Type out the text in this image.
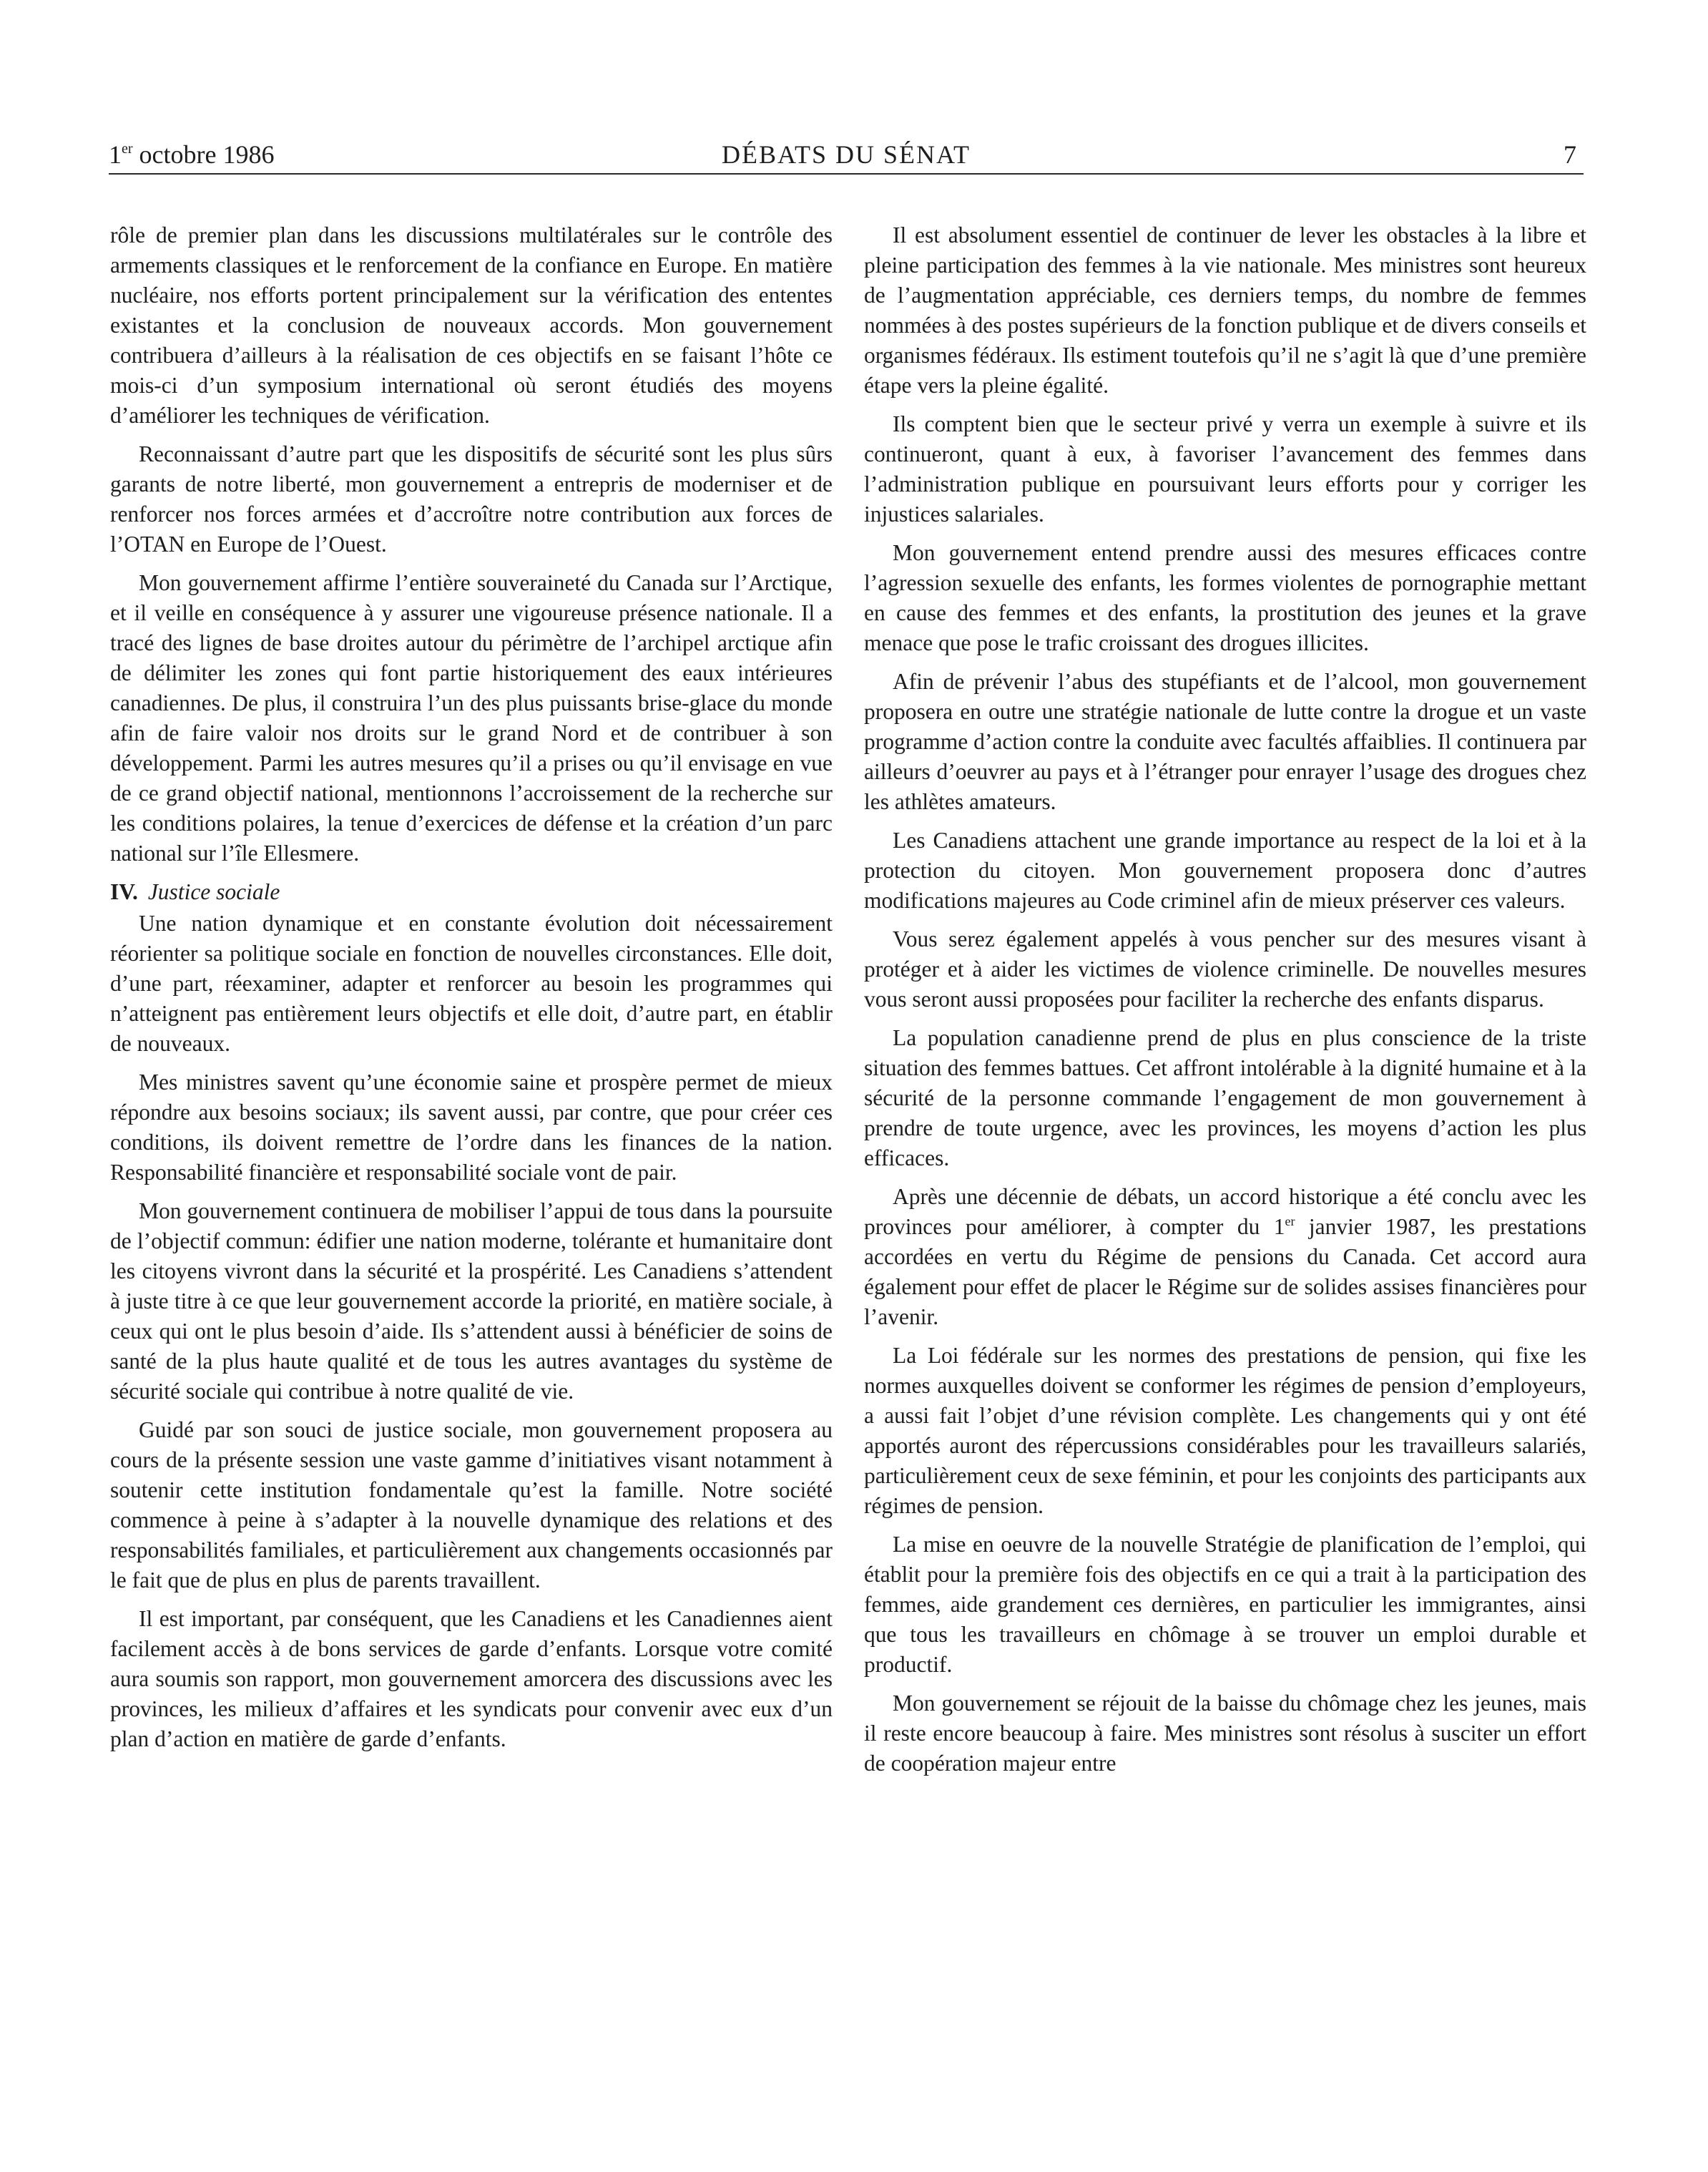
1er octobre 1986	DÉBATS DU SÉNAT	7

rôle de premier plan dans les discussions multilatérales sur le contrôle des armements classiques et le renforcement de la confiance en Europe. En matière nucléaire, nos efforts portent principalement sur la vérification des ententes existantes et la conclusion de nouveaux accords. Mon gouvernement contribuera d’ailleurs à la réalisation de ces objectifs en se faisant l’hôte ce mois-ci d’un symposium international où seront étudiés des moyens d’améliorer les techniques de vérification.

Reconnaissant d’autre part que les dispositifs de sécurité sont les plus sûrs garants de notre liberté, mon gouvernement a entrepris de moderniser et de renforcer nos forces armées et d’accroître notre contribution aux forces de l’OTAN en Europe de l’Ouest.

Mon gouvernement affirme l’entière souveraineté du Canada sur l’Arctique, et il veille en conséquence à y assurer une vigoureuse présence nationale. Il a tracé des lignes de base droites autour du périmètre de l’archipel arctique afin de délimiter les zones qui font partie historiquement des eaux intérieures canadiennes. De plus, il construira l’un des plus puissants brise-glace du monde afin de faire valoir nos droits sur le grand Nord et de contribuer à son développement. Parmi les autres mesures qu’il a prises ou qu’il envisage en vue de ce grand objectif national, mentionnons l’accroissement de la recherche sur les conditions polaires, la tenue d’exercices de défense et la création d’un parc national sur l’île Ellesmere.

IV. Justice sociale

Une nation dynamique et en constante évolution doit nécessairement réorienter sa politique sociale en fonction de nouvelles circonstances. Elle doit, d’une part, réexaminer, adapter et renforcer au besoin les programmes qui n’atteignent pas entièrement leurs objectifs et elle doit, d’autre part, en établir de nouveaux.

Mes ministres savent qu’une économie saine et prospère permet de mieux répondre aux besoins sociaux; ils savent aussi, par contre, que pour créer ces conditions, ils doivent remettre de l’ordre dans les finances de la nation. Responsabilité financière et responsabilité sociale vont de pair.

Mon gouvernement continuera de mobiliser l’appui de tous dans la poursuite de l’objectif commun: édifier une nation moderne, tolérante et humanitaire dont les citoyens vivront dans la sécurité et la prospérité. Les Canadiens s’attendent à juste titre à ce que leur gouvernement accorde la priorité, en matière sociale, à ceux qui ont le plus besoin d’aide. Ils s’attendent aussi à bénéficier de soins de santé de la plus haute qualité et de tous les autres avantages du système de sécurité sociale qui contribue à notre qualité de vie.

Guidé par son souci de justice sociale, mon gouvernement proposera au cours de la présente session une vaste gamme d’initiatives visant notamment à soutenir cette institution fondamentale qu’est la famille. Notre société commence à peine à s’adapter à la nouvelle dynamique des relations et des responsabilités familiales, et particulièrement aux changements occasionnés par le fait que de plus en plus de parents travaillent.

Il est important, par conséquent, que les Canadiens et les Canadiennes aient facilement accès à de bons services de garde d’enfants. Lorsque votre comité aura soumis son rapport, mon gouvernement amorcera des discussions avec les provinces, les milieux d’affaires et les syndicats pour convenir avec eux d’un plan d’action en matière de garde d’enfants.

Il est absolument essentiel de continuer de lever les obstacles à la libre et pleine participation des femmes à la vie nationale. Mes ministres sont heureux de l’augmentation appréciable, ces derniers temps, du nombre de femmes nommées à des postes supérieurs de la fonction publique et de divers conseils et organismes fédéraux. Ils estiment toutefois qu’il ne s’agit là que d’une première étape vers la pleine égalité.

Ils comptent bien que le secteur privé y verra un exemple à suivre et ils continueront, quant à eux, à favoriser l’avancement des femmes dans l’administration publique en poursuivant leurs efforts pour y corriger les injustices salariales.

Mon gouvernement entend prendre aussi des mesures efficaces contre l’agression sexuelle des enfants, les formes violentes de pornographie mettant en cause des femmes et des enfants, la prostitution des jeunes et la grave menace que pose le trafic croissant des drogues illicites.

Afin de prévenir l’abus des stupéfiants et de l’alcool, mon gouvernement proposera en outre une stratégie nationale de lutte contre la drogue et un vaste programme d’action contre la conduite avec facultés affaiblies. Il continuera par ailleurs d’oeuvrer au pays et à l’étranger pour enrayer l’usage des drogues chez les athlètes amateurs.

Les Canadiens attachent une grande importance au respect de la loi et à la protection du citoyen. Mon gouvernement proposera donc d’autres modifications majeures au Code criminel afin de mieux préserver ces valeurs.

Vous serez également appelés à vous pencher sur des mesures visant à protéger et à aider les victimes de violence criminelle. De nouvelles mesures vous seront aussi proposées pour faciliter la recherche des enfants disparus.

La population canadienne prend de plus en plus conscience de la triste situation des femmes battues. Cet affront intolérable à la dignité humaine et à la sécurité de la personne commande l’engagement de mon gouvernement à prendre de toute urgence, avec les provinces, les moyens d’action les plus efficaces.

Après une décennie de débats, un accord historique a été conclu avec les provinces pour améliorer, à compter du 1er janvier 1987, les prestations accordées en vertu du Régime de pensions du Canada. Cet accord aura également pour effet de placer le Régime sur de solides assises financières pour l’avenir.

La Loi fédérale sur les normes des prestations de pension, qui fixe les normes auxquelles doivent se conformer les régimes de pension d’employeurs, a aussi fait l’objet d’une révision complète. Les changements qui y ont été apportés auront des répercussions considérables pour les travailleurs salariés, particulièrement ceux de sexe féminin, et pour les conjoints des participants aux régimes de pension.

La mise en oeuvre de la nouvelle Stratégie de planification de l’emploi, qui établit pour la première fois des objectifs en ce qui a trait à la participation des femmes, aide grandement ces dernières, en particulier les immigrantes, ainsi que tous les travailleurs en chômage à se trouver un emploi durable et productif.

Mon gouvernement se réjouit de la baisse du chômage chez les jeunes, mais il reste encore beaucoup à faire. Mes ministres sont résolus à susciter un effort de coopération majeur entre
